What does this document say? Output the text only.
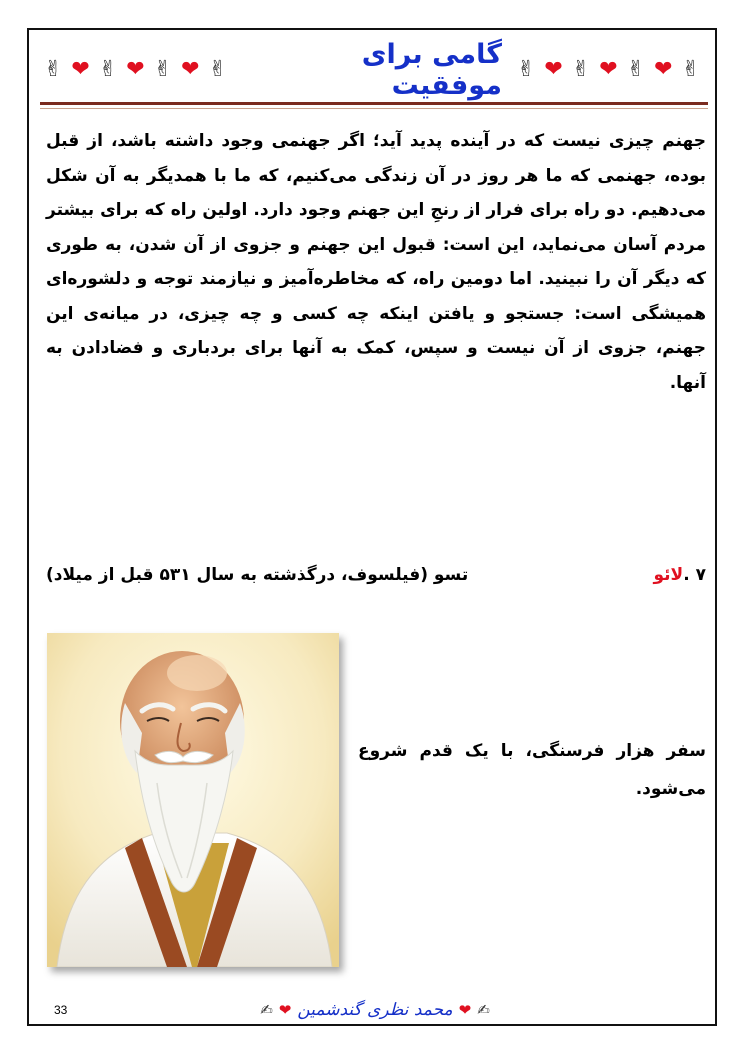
✌
❤
✌
❤
✌
❤
✌
گامی برای موفقیت
✌
❤
✌
❤
✌
❤
✌

جهنم چیزی نیست که در آینده پدید آید؛ اگر جهنمی وجود داشته باشد، از قبل بوده، جهنمی که ما هر روز در آن زندگی می‌کنیم، که ما با همدیگر به آن شکل می‌دهیم. دو راه برای فرار از رنجِ این جهنم وجود دارد. اولین راه که برای بیشتر مردم آسان می‌نماید، این است: قبول این جهنم و جزوی از آن شدن، به طوری که دیگر آن را نبینید. اما دومین راه، که مخاطره‌آمیز و نیازمند توجه و دلشوره‌ای همیشگی است: جستجو و یافتن اینکه چه کسی و چه چیزی، در میانه‌ی این جهنم، جزوی از آن نیست و سپس، کمک به آنها برای بردباری و فضادادن به آنها.

۷ .لائو
تسو (فیلسوف، درگذشته به سال ۵۳۱ قبل از میلاد)

سفر هزار فرسنگی، با یک قدم شروع می‌شود.

✍
❤
محمد نظری گندشمین
❤
✍
33
